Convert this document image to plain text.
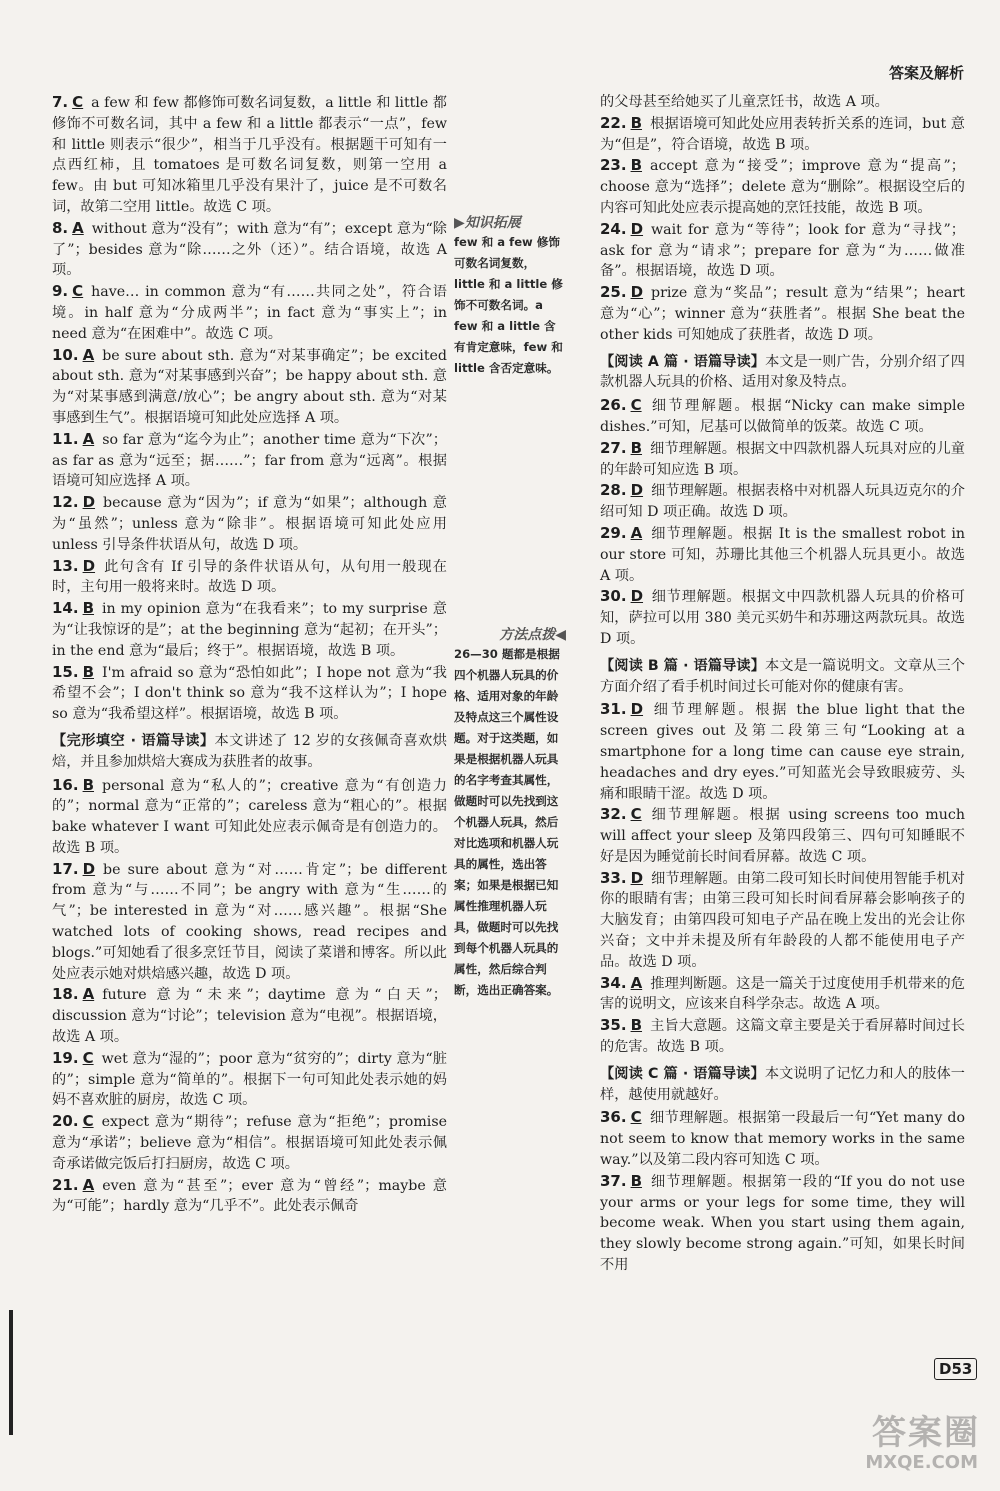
答案及解析

7. C a few 和 few 都修饰可数名词复数，a little 和 little 都修饰不可数名词，其中 a few 和 a little 都表示“一点”，few 和 little 则表示“很少”，相当于几乎没有。根据题干可知有一点西红柿，且 tomatoes 是可数名词复数，则第一空用 a few。由 but 可知冰箱里几乎没有果汁了，juice 是不可数名词，故第二空用 little。故选 C 项。

8. A without 意为“没有”；with 意为“有”；except 意为“除了”；besides 意为“除……之外（还）”。结合语境，故选 A 项。

9. C have… in common 意为“有……共同之处”，符合语境。in half 意为“分成两半”；in fact 意为“事实上”；in need 意为“在困难中”。故选 C 项。

10. A be sure about sth. 意为“对某事确定”；be excited about sth. 意为“对某事感到兴奋”；be happy about sth. 意为“对某事感到满意/放心”；be angry about sth. 意为“对某事感到生气”。根据语境可知此处应选择 A 项。

11. A so far 意为“迄今为止”；another time 意为“下次”；as far as 意为“远至；据……”；far from 意为“远离”。根据语境可知应选择 A 项。

12. D because 意为“因为”；if 意为“如果”；although 意为“虽然”；unless 意为“除非”。根据语境可知此处应用 unless 引导条件状语从句，故选 D 项。

13. D 此句含有 If 引导的条件状语从句，从句用一般现在时，主句用一般将来时。故选 D 项。

14. B in my opinion 意为“在我看来”；to my surprise 意为“让我惊讶的是”；at the beginning 意为“起初；在开头”；in the end 意为“最后；终于”。根据语境，故选 B 项。

15. B I'm afraid so 意为“恐怕如此”；I hope not 意为“我希望不会”；I don't think so 意为“我不这样认为”；I hope so 意为“我希望这样”。根据语境，故选 B 项。

【完形填空 · 语篇导读】本文讲述了 12 岁的女孩佩奇喜欢烘焙，并且参加烘焙大赛成为获胜者的故事。

16. B personal 意为“私人的”；creative 意为“有创造力的”；normal 意为“正常的”；careless 意为“粗心的”。根据 bake whatever I want 可知此处应表示佩奇是有创造力的。故选 B 项。

17. D be sure about 意为“对……肯定”；be different from 意为“与……不同”；be angry with 意为“生……的气”；be interested in 意为“对……感兴趣”。根据“She watched lots of cooking shows, read recipes and blogs.”可知她看了很多烹饪节目，阅读了菜谱和博客。所以此处应表示她对烘焙感兴趣，故选 D 项。

18. A future 意为“未来”；daytime 意为“白天”；discussion 意为“讨论”；television 意为“电视”。根据语境，故选 A 项。

19. C wet 意为“湿的”；poor 意为“贫穷的”；dirty 意为“脏的”；simple 意为“简单的”。根据下一句可知此处表示她的妈妈不喜欢脏的厨房，故选 C 项。

20. C expect 意为“期待”；refuse 意为“拒绝”；promise 意为“承诺”；believe 意为“相信”。根据语境可知此处表示佩奇承诺做完饭后打扫厨房，故选 C 项。

21. A even 意为“甚至”；ever 意为“曾经”；maybe 意为“可能”；hardly 意为“几乎不”。此处表示佩奇

▶知识拓展
few 和 a few 修饰可数名词复数，little 和 a little 修饰不可数名词。a few 和 a little 含有肯定意味，few 和 little 含否定意味。
方法点拨◀
26—30 题都是根据四个机器人玩具的价格、适用对象的年龄及特点这三个属性设题。对于这类题，如果是根据机器人玩具的名字考查其属性，做题时可以先找到这个机器人玩具，然后对比选项和机器人玩具的属性，选出答案；如果是根据已知属性推理机器人玩具，做题时可以先找到每个机器人玩具的属性，然后综合判断，选出正确答案。

的父母甚至给她买了儿童烹饪书，故选 A 项。

22. B 根据语境可知此处应用表转折关系的连词，but 意为“但是”，符合语境，故选 B 项。

23. B accept 意为“接受”；improve 意为“提高”；choose 意为“选择”；delete 意为“删除”。根据设空后的内容可知此处应表示提高她的烹饪技能，故选 B 项。

24. D wait for 意为“等待”；look for 意为“寻找”；ask for 意为“请求”；prepare for 意为“为……做准备”。根据语境，故选 D 项。

25. D prize 意为“奖品”；result 意为“结果”；heart 意为“心”；winner 意为“获胜者”。根据 She beat the other kids 可知她成了获胜者，故选 D 项。

【阅读 A 篇 · 语篇导读】本文是一则广告，分别介绍了四款机器人玩具的价格、适用对象及特点。

26. C 细节理解题。根据“Nicky can make simple dishes.”可知，尼基可以做简单的饭菜。故选 C 项。

27. B 细节理解题。根据文中四款机器人玩具对应的儿童的年龄可知应选 B 项。

28. D 细节理解题。根据表格中对机器人玩具迈克尔的介绍可知 D 项正确。故选 D 项。

29. A 细节理解题。根据 It is the smallest robot in our store 可知，苏珊比其他三个机器人玩具更小。故选 A 项。

30. D 细节理解题。根据文中四款机器人玩具的价格可知，萨拉可以用 380 美元买奶牛和苏珊这两款玩具。故选 D 项。

【阅读 B 篇 · 语篇导读】本文是一篇说明文。文章从三个方面介绍了看手机时间过长可能对你的健康有害。

31. D 细节理解题。根据 the blue light that the screen gives out 及第二段第三句“Looking at a smartphone for a long time can cause eye strain, headaches and dry eyes.”可知蓝光会导致眼疲劳、头痛和眼睛干涩。故选 D 项。

32. C 细节理解题。根据 using screens too much will affect your sleep 及第四段第三、四句可知睡眠不好是因为睡觉前长时间看屏幕。故选 C 项。

33. D 细节理解题。由第二段可知长时间使用智能手机对你的眼睛有害；由第三段可知长时间看屏幕会影响孩子的大脑发育；由第四段可知电子产品在晚上发出的光会让你兴奋；文中并未提及所有年龄段的人都不能使用电子产品。故选 D 项。

34. A 推理判断题。这是一篇关于过度使用手机带来的危害的说明文，应该来自科学杂志。故选 A 项。

35. B 主旨大意题。这篇文章主要是关于看屏幕时间过长的危害。故选 B 项。

【阅读 C 篇 · 语篇导读】本文说明了记忆力和人的肢体一样，越使用就越好。

36. C 细节理解题。根据第一段最后一句“Yet many do not seem to know that memory works in the same way.”以及第二段内容可知选 C 项。

37. B 细节理解题。根据第一段的“If you do not use your arms or your legs for some time, they will become weak. When you start using them again, they slowly become strong again.”可知，如果长时间不用

D53
答案圈
MXQE.COM
